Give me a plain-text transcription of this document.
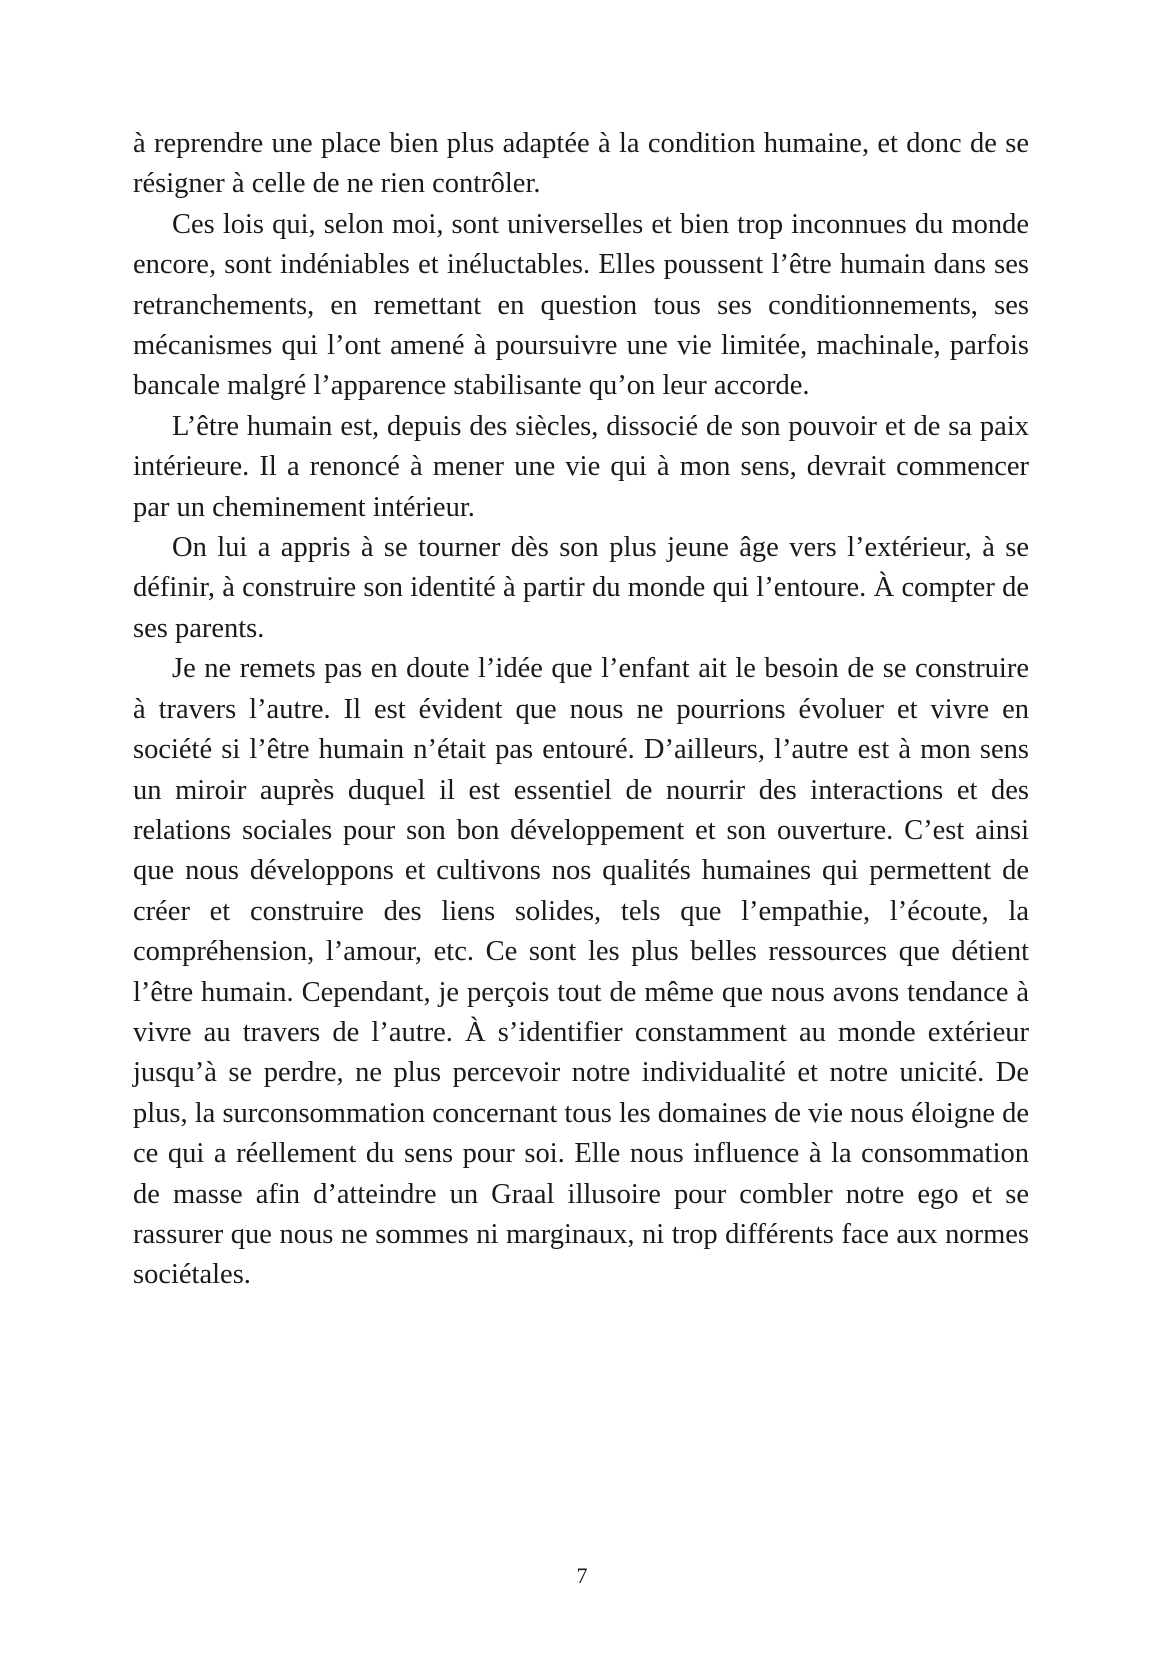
à reprendre une place bien plus adaptée à la condition humaine, et donc de se résigner à celle de ne rien contrôler.

Ces lois qui, selon moi, sont universelles et bien trop inconnues du monde encore, sont indéniables et inéluctables. Elles poussent l’être humain dans ses retranchements, en remettant en question tous ses conditionnements, ses mécanismes qui l’ont amené à poursuivre une vie limitée, machinale, parfois bancale malgré l’apparence stabilisante qu’on leur accorde.

L’être humain est, depuis des siècles, dissocié de son pouvoir et de sa paix intérieure. Il a renoncé à mener une vie qui à mon sens, devrait commencer par un cheminement intérieur.

On lui a appris à se tourner dès son plus jeune âge vers l’extérieur, à se définir, à construire son identité à partir du monde qui l’entoure. À compter de ses parents.

Je ne remets pas en doute l’idée que l’enfant ait le besoin de se construire à travers l’autre. Il est évident que nous ne pourrions évoluer et vivre en société si l’être humain n’était pas entouré. D’ailleurs, l’autre est à mon sens un miroir auprès duquel il est essentiel de nourrir des interactions et des relations sociales pour son bon développement et son ouverture. C’est ainsi que nous développons et cultivons nos qualités humaines qui permettent de créer et construire des liens solides, tels que l’empathie, l’écoute, la compréhension, l’amour, etc. Ce sont les plus belles ressources que détient l’être humain. Cependant, je perçois tout de même que nous avons tendance à vivre au travers de l’autre. À s’identifier constamment au monde extérieur jusqu’à se perdre, ne plus percevoir notre individualité et notre unicité. De plus, la surconsommation concernant tous les domaines de vie nous éloigne de ce qui a réellement du sens pour soi. Elle nous influence à la consommation de masse afin d’atteindre un Graal illusoire pour combler notre ego et se rassurer que nous ne sommes ni marginaux, ni trop différents face aux normes sociétales.

7
